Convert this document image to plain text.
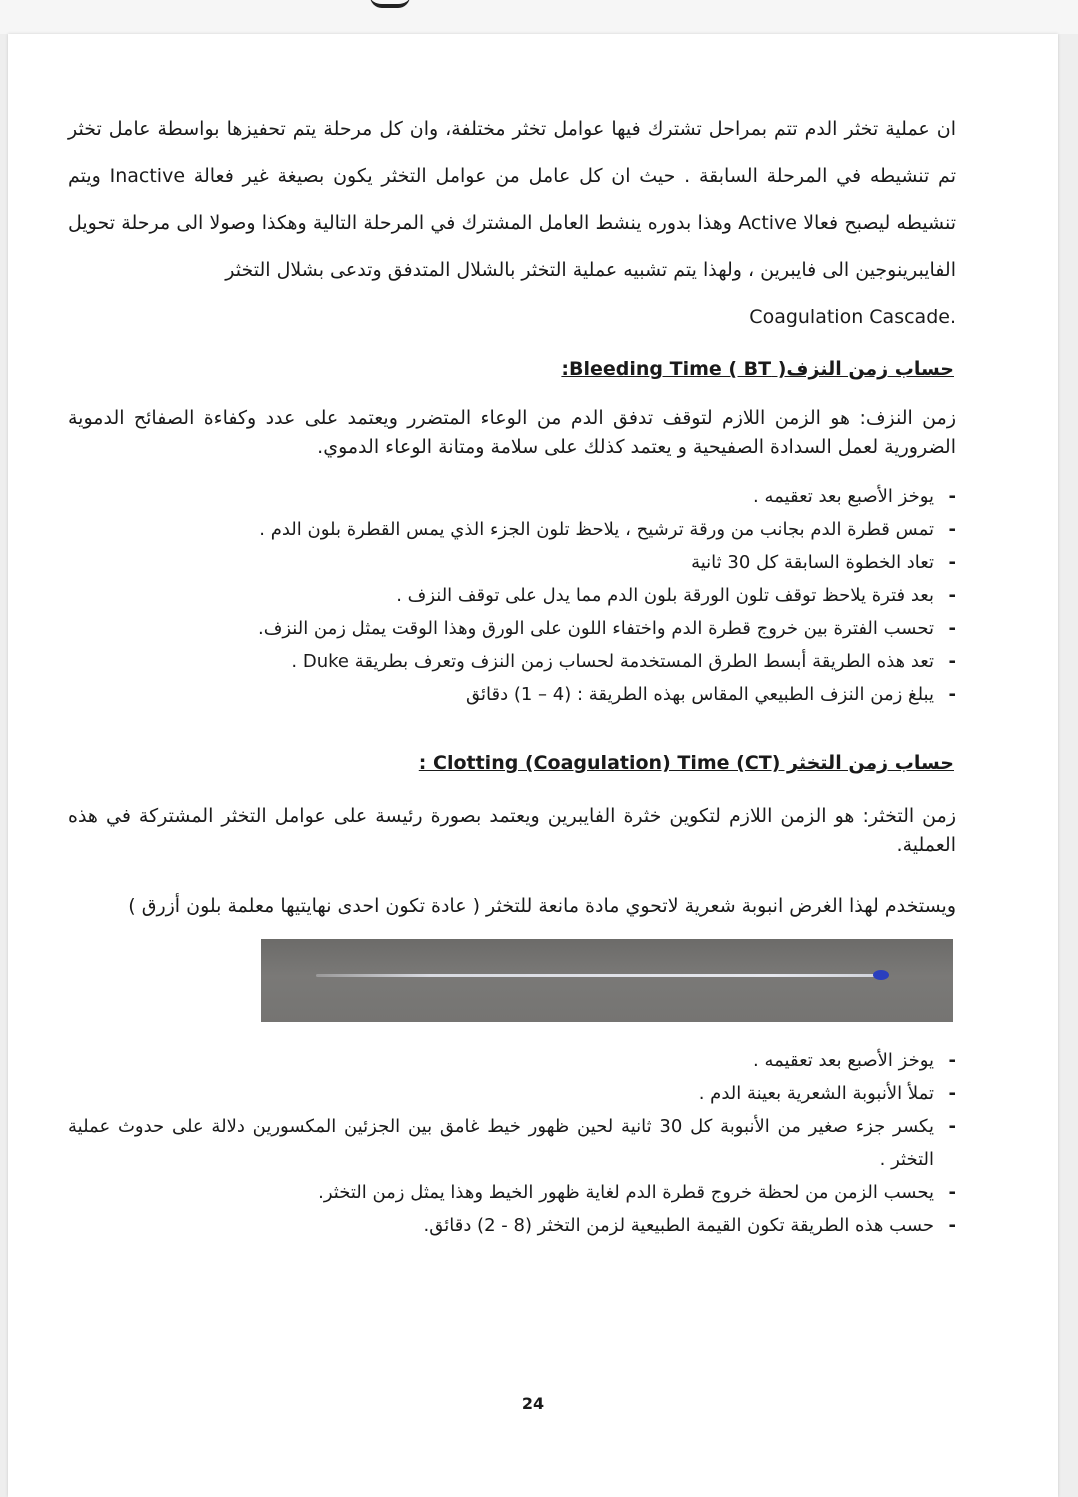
ان عملية تخثر الدم تتم بمراحل تشترك فيها عوامل تخثر مختلفة، وان كل مرحلة يتم تحفيزها بواسطة عامل تخثر تم تنشيطه في المرحلة السابقة . حيث ان كل عامل من عوامل التخثر يكون بصيغة غير فعالة Inactive ويتم تنشيطه ليصبح فعالا Active وهذا بدوره ينشط العامل المشترك في المرحلة التالية وهكذا وصولا الى مرحلة تحويل الفايبرينوجين الى فايبرين ، ولهذا يتم تشبيه عملية التخثر بالشلال المتدفق وتدعى بشلال التخثر
.Coagulation Cascade
حساب زمن النزف( Bleeding Time ( BT:

زمن النزف: هو الزمن اللازم لتوقف تدفق الدم من الوعاء المتضرر ويعتمد على عدد وكفاءة الصفائح الدموية الضرورية لعمل السدادة الصفيحية و يعتمد كذلك على سلامة ومتانة الوعاء الدموي.

- يوخز الأصبع بعد تعقيمه .
- تمس قطرة الدم بجانب من ورقة ترشيح ، يلاحظ تلون الجزء الذي يمس القطرة بلون الدم .
- تعاد الخطوة السابقة كل 30 ثانية
- بعد فترة يلاحظ توقف تلون الورقة بلون الدم مما يدل على توقف النزف .
- تحسب الفترة بين خروج قطرة الدم واختفاء اللون على الورق وهذا الوقت يمثل زمن النزف.
- تعد هذه الطريقة أبسط الطرق المستخدمة لحساب زمن النزف وتعرف بطريقة Duke .
- يبلغ زمن النزف الطبيعي المقاس بهذه الطريقة : (4 – 1) دقائق
حساب زمن التخثر Clotting (Coagulation) Time (CT) :

زمن التخثر: هو الزمن اللازم لتكوين خثرة الفايبرين ويعتمد بصورة رئيسة على عوامل التخثر المشتركة في هذه العملية.

ويستخدم لهذا الغرض انبوبة شعرية لاتحوي مادة مانعة للتخثر ( عادة تكون احدى نهايتيها معلمة بلون أزرق )

- يوخز الأصبع بعد تعقيمه .
- تملأ الأنبوبة الشعرية بعينة الدم .
- يكسر جزء صغير من الأنبوبة كل 30 ثانية لحين ظهور خيط غامق بين الجزئين المكسورين دلالة على حدوث عملية التخثر .
- يحسب الزمن من لحظة خروج قطرة الدم لغاية ظهور الخيط وهذا يمثل زمن التخثر.
- حسب هذه الطريقة تكون القيمة الطبيعية لزمن التخثر (8 - 2) دقائق.
24
